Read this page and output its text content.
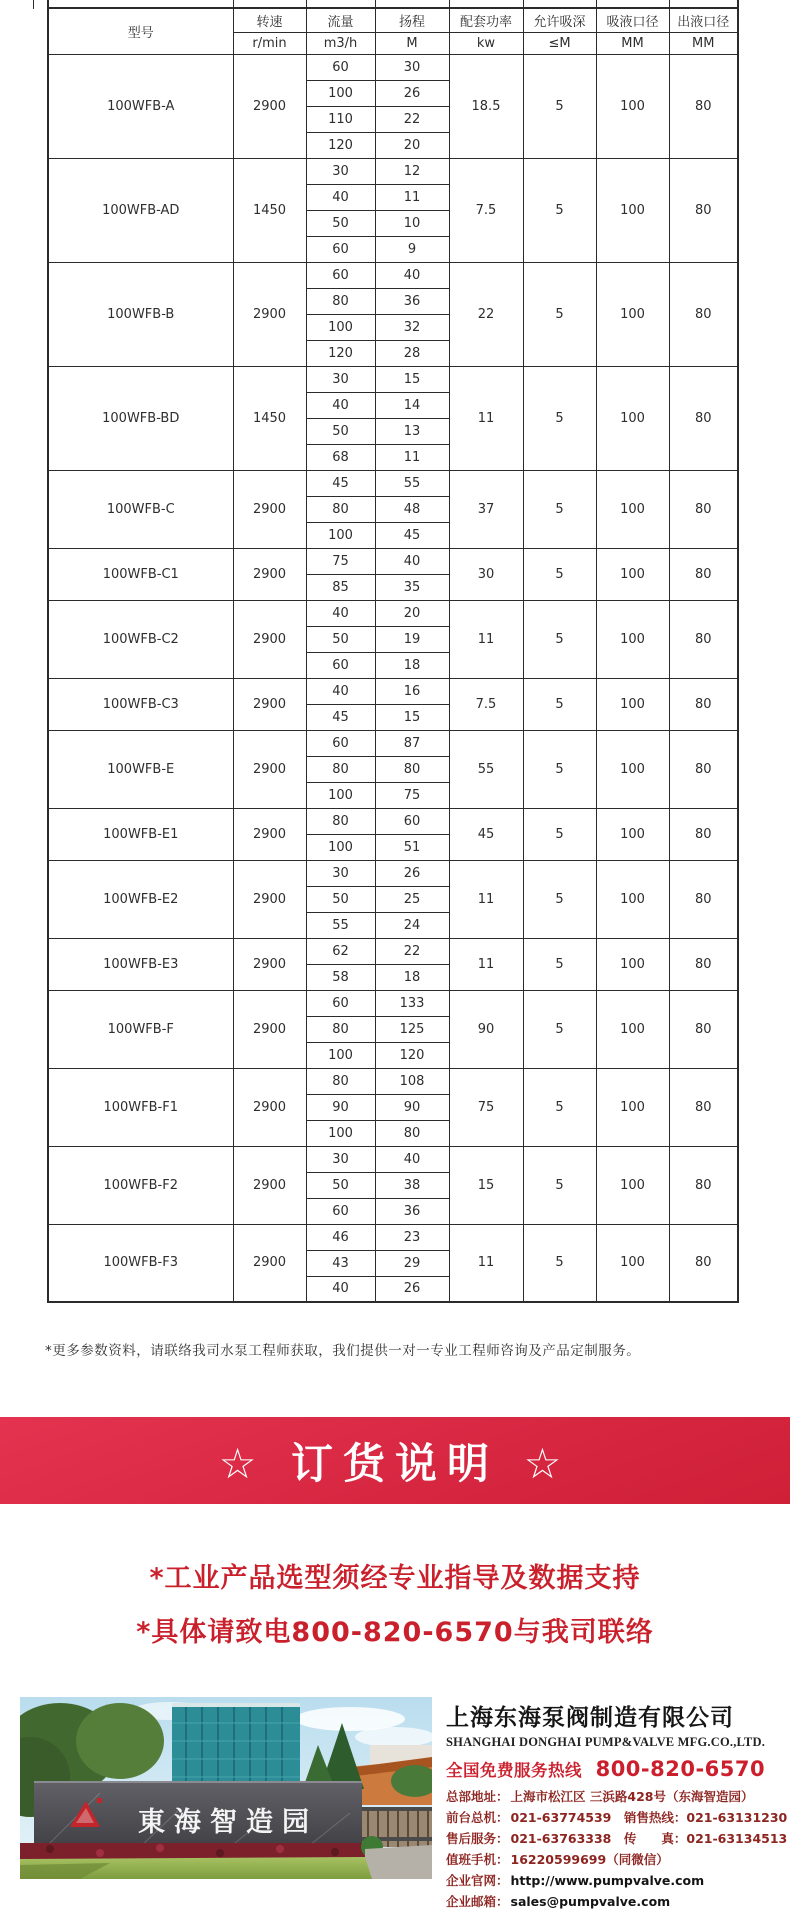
型号	转速	流量	扬程	配套功率	允许吸深	吸液口径	出液口径
	r/min	m3/h	M	kw	≤M	MM	MM
100WFB-A	2900	60	30	18.5	5	100	80
		100	26				
		110	22				
		120	20				
100WFB-AD	1450	30	12	7.5	5	100	80
		40	11				
		50	10				
		60	9				
100WFB-B	2900	60	40	22	5	100	80
		80	36				
		100	32				
		120	28				
100WFB-BD	1450	30	15	11	5	100	80
		40	14				
		50	13				
		68	11				
100WFB-C	2900	45	55	37	5	100	80
		80	48				
		100	45				
100WFB-C1	2900	75	40	30	5	100	80
		85	35				
100WFB-C2	2900	40	20	11	5	100	80
		50	19				
		60	18				
100WFB-C3	2900	40	16	7.5	5	100	80
		45	15				
100WFB-E	2900	60	87	55	5	100	80
		80	80				
		100	75				
100WFB-E1	2900	80	60	45	5	100	80
		100	51				
100WFB-E2	2900	30	26	11	5	100	80
		50	25				
		55	24				
100WFB-E3	2900	62	22	11	5	100	80
		58	18				
100WFB-F	2900	60	133	90	5	100	80
		80	125				
		100	120				
100WFB-F1	2900	80	108	75	5	100	80
		90	90				
		100	80				
100WFB-F2	2900	30	40	15	5	100	80
		50	38				
		60	36				
100WFB-F3	2900	46	23	11	5	100	80
		43	29				
		40	26				
*更多参数资料，请联络我司水泵工程师获取，我们提供一对一专业工程师咨询及产品定制服务。
☆ 订货说明 ☆
*工业产品选型须经专业指导及数据支持
*具体请致电800-820-6570与我司联络
東海智造园
上海东海泵阀制造有限公司
SHANGHAI DONGHAI PUMP&VALVE MFG.CO.,LTD.
全国免费服务热线 800-820-6570
总部地址： 上海市松江区 三浜路428号（东海智造园）
前台总机： 021-63774539　销售热线：021-63131230
售后服务： 021-63763338　传　　真：021-63134513
值班手机： 16220599699（同微信）
企业官网： http://www.pumpvalve.com
企业邮箱： sales@pumpvalve.com
